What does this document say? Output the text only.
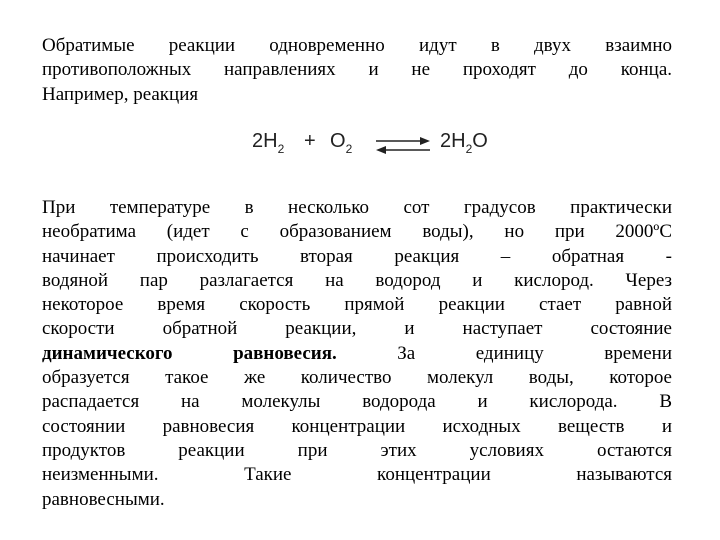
Обратимые реакции одновременно идут в двух взаимно
противоположных направлениях и не проходят до конца.
Например, реакция
$2H_2 + O_2$ ⇌ $2H_2O$
При температуре в несколько сот градусов практически
необратима (идет с образованием воды), но при 2000ºС
начинает происходить вторая реакция – обратная -
водяной пар разлагается на водород и кислород. Через
некоторое время скорость прямой реакции стает равной
скорости обратной реакции, и наступает состояние
динамического равновесия. За единицу времени
образуется такое же количество молекул воды, которое
распадается на молекулы водорода и кислорода. В
состоянии равновесия концентрации исходных веществ и
продуктов реакции при этих условиях остаются
неизменными. Такие концентрации называются
равновесными.
